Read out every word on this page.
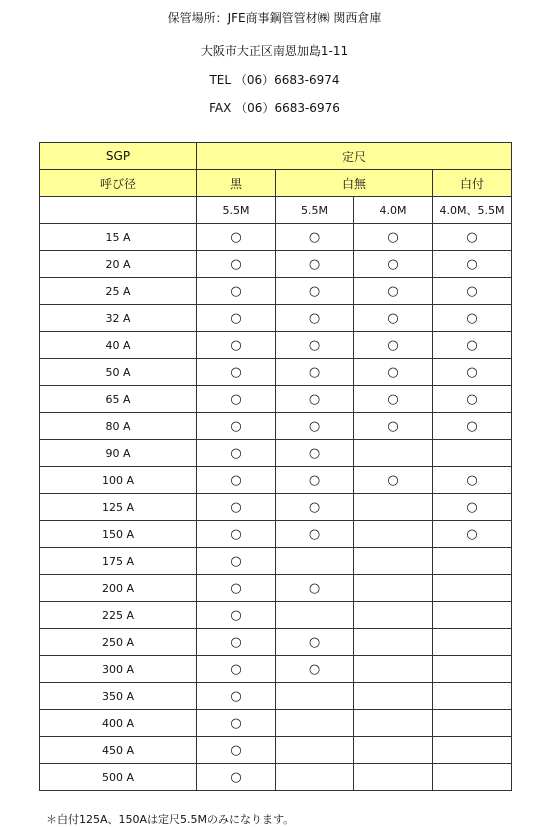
保管場所：JFE商事鋼管管材㈱ 関西倉庫
大阪市大正区南恩加島1-11
TEL （06）6683-6974
FAX （06）6683-6976
SGP	定尺			
呼び径	黒	白無		白付
	5.5M	5.5M	4.0M	4.0M、5.5M
15 A	○	○	○	○
20 A	○	○	○	○
25 A	○	○	○	○
32 A	○	○	○	○
40 A	○	○	○	○
50 A	○	○	○	○
65 A	○	○	○	○
80 A	○	○	○	○
90 A	○	○		
100 A	○	○	○	○
125 A	○	○		○
150 A	○	○		○
175 A	○			
200 A	○	○		
225 A	○			
250 A	○	○		
300 A	○	○		
350 A	○			
400 A	○			
450 A	○			
500 A	○			
＊白付125A、150Aは定尺5.5Mのみになります。
